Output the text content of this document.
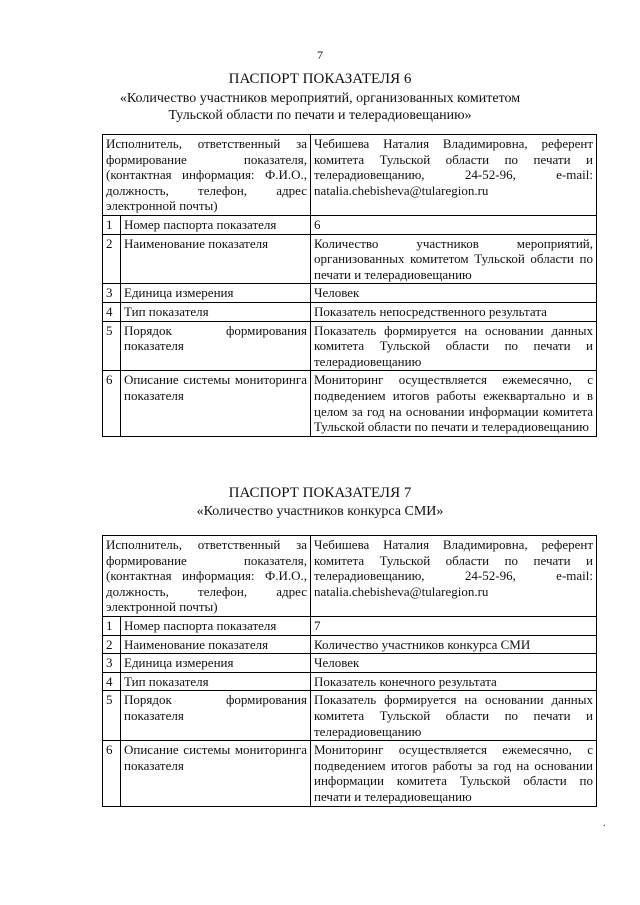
7
ПАСПОРТ ПОКАЗАТЕЛЯ 6
«Количество участников мероприятий, организованных комитетом
Тульской области по печати и телерадиовещанию»
Исполнитель, ответственный за формирование показателя, (контактная информация: Ф.И.О., должность, телефон, адрес электронной почты)		Чебишева Наталия Владимировна, референт комитета Тульской области по печати и телерадиовещанию, 24-52-96, e-mail: natalia.chebisheva@tularegion.ru
1	Номер паспорта показателя	6
2	Наименование показателя	Количество участников мероприятий, организованных комитетом Тульской области по печати и телерадиовещанию
3	Единица измерения	Человек
4	Тип показателя	Показатель непосредственного результата
5	Порядок формирования показателя	Показатель формируется на основании данных комитета Тульской области по печати и телерадиовещанию
6	Описание системы мониторинга показателя	Мониторинг осуществляется ежемесячно, с подведением итогов работы ежеквартально и в целом за год на основании информации комитета Тульской области по печати и телерадиовещанию
ПАСПОРТ ПОКАЗАТЕЛЯ 7
«Количество участников конкурса СМИ»
Исполнитель, ответственный за формирование показателя, (контактная информация: Ф.И.О., должность, телефон, адрес электронной почты)		Чебишева Наталия Владимировна, референт комитета Тульской области по печати и телерадиовещанию, 24-52-96, e-mail: natalia.chebisheva@tularegion.ru
1	Номер паспорта показателя	7
2	Наименование показателя	Количество участников конкурса СМИ
3	Единица измерения	Человек
4	Тип показателя	Показатель конечного результата
5	Порядок формирования показателя	Показатель формируется на основании данных комитета Тульской области по печати и телерадиовещанию
6	Описание системы мониторинга показателя	Мониторинг осуществляется ежемесячно, с подведением итогов работы за год на основании информации комитета Тульской области по печати и телерадиовещанию
.
